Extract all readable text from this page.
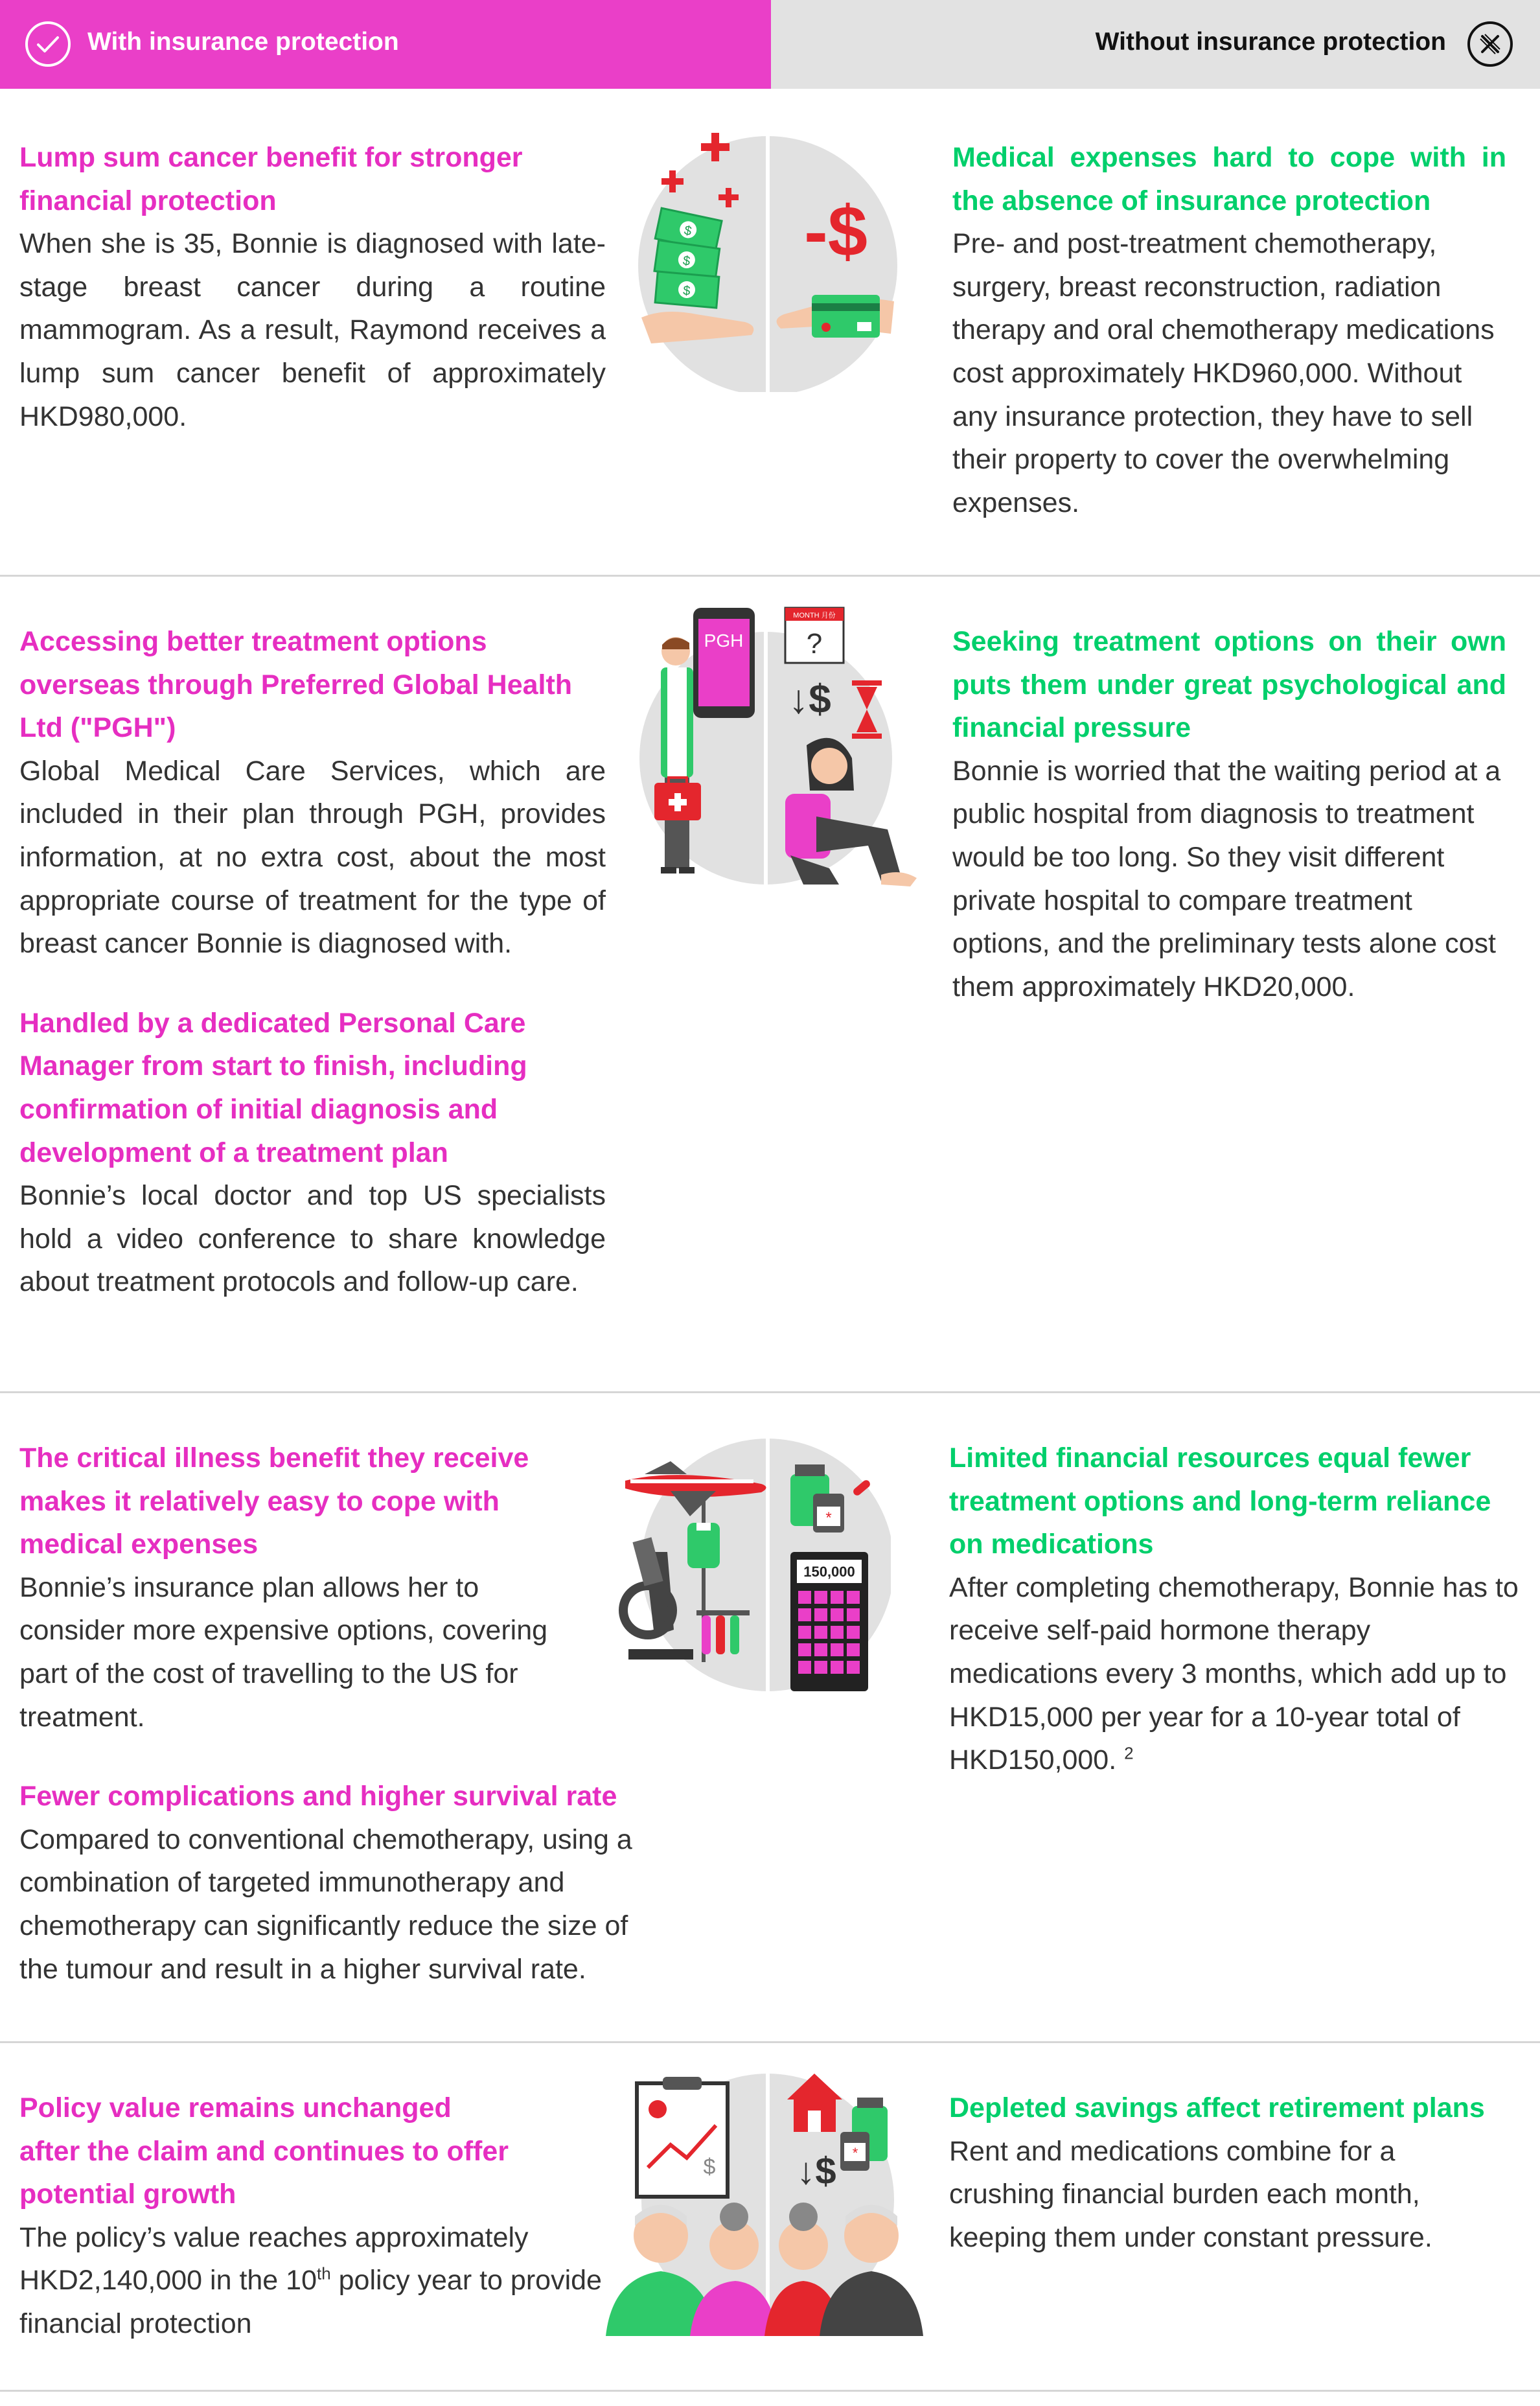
With insurance protection	Without insurance protection
Lump sum cancer benefit for stronger financial protection
When she is 35, Bonnie is diagnosed with late-stage breast cancer during a routine mammogram. As a result, Raymond receives a lump sum cancer benefit of approximately HKD980,000.
$
$
$
-$
Medical expenses hard to cope with in the absence of insurance protection
Pre- and post-treatment chemotherapy, surgery, breast reconstruction, radiation therapy and oral chemotherapy medications cost approximately HKD960,000. Without any insurance protection, they have to sell their property to cover the overwhelming expenses.
Accessing better treatment options overseas through Preferred Global Health Ltd ("PGH")
Global Medical Care Services, which are included in their plan through PGH, provides information, at no extra cost, about the most appropriate course of treatment for the type of breast cancer Bonnie is diagnosed with.
Handled by a dedicated Personal Care Manager from start to finish, including confirmation of initial diagnosis and development of a treatment plan
Bonnie’s local doctor and top US specialists hold a video conference to share knowledge about treatment protocols and follow-up care.
PGH
MONTH 月份
?
↓$
Seeking treatment options on their own puts them under great psychological and financial pressure
Bonnie is worried that the waiting period at a public hospital from diagnosis to treatment would be too long. So they visit different private hospital to compare treatment options, and the preliminary tests alone cost them approximately HKD20,000.
The critical illness benefit they receive makes it relatively easy to cope with medical expenses
Bonnie’s insurance plan allows her to consider more expensive options, covering part of the cost of travelling to the US for treatment.
Fewer complications and higher survival rate
Compared to conventional chemotherapy, using a combination of targeted immunotherapy and chemotherapy can significantly reduce the size of the tumour and result in a higher survival rate.
*
150,000
Limited financial resources equal fewer treatment options and long-term reliance on medications
After completing chemotherapy, Bonnie has to receive self-paid hormone therapy medications every 3 months, which add up to HKD15,000 per year for a 10-year total of HKD150,000. $^2$
Policy value remains unchanged after the claim and continues to offer potential growth
The policy’s value reaches approximately HKD2,140,000 in the 10th policy year to provide financial protection
$ ↓$ *
Depleted savings affect retirement plans
Rent and medications combine for a crushing financial burden each month, keeping them under constant pressure.
